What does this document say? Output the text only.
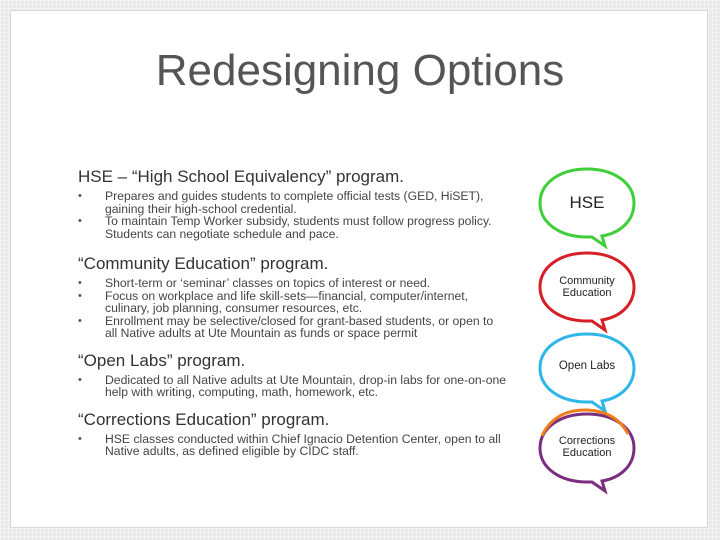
Redesigning Options

HSE – “High School Equivalency” program.

• Prepares and guides students to complete official tests (GED, HiSET), gaining their high-school credential.
• To maintain Temp Worker subsidy, students must follow progress policy. Students can negotiate schedule and pace.

“Community Education” program.

• Short-term or ‘seminar’ classes on topics of interest or need.
• Focus on workplace and life skill-sets—financial, computer/internet, culinary, job planning, consumer resources, etc.
• Enrollment may be selective/closed for grant-based students, or open to all Native adults at Ute Mountain as funds or space permit

“Open Labs” program.

• Dedicated to all Native adults at Ute Mountain, drop-in labs for one-on-one help with writing, computing, math, homework, etc.

“Corrections Education” program.

• HSE classes conducted within Chief Ignacio Detention Center, open to all Native adults, as defined eligible by CIDC staff.
HSE
Community Education
Open Labs
Corrections Education
